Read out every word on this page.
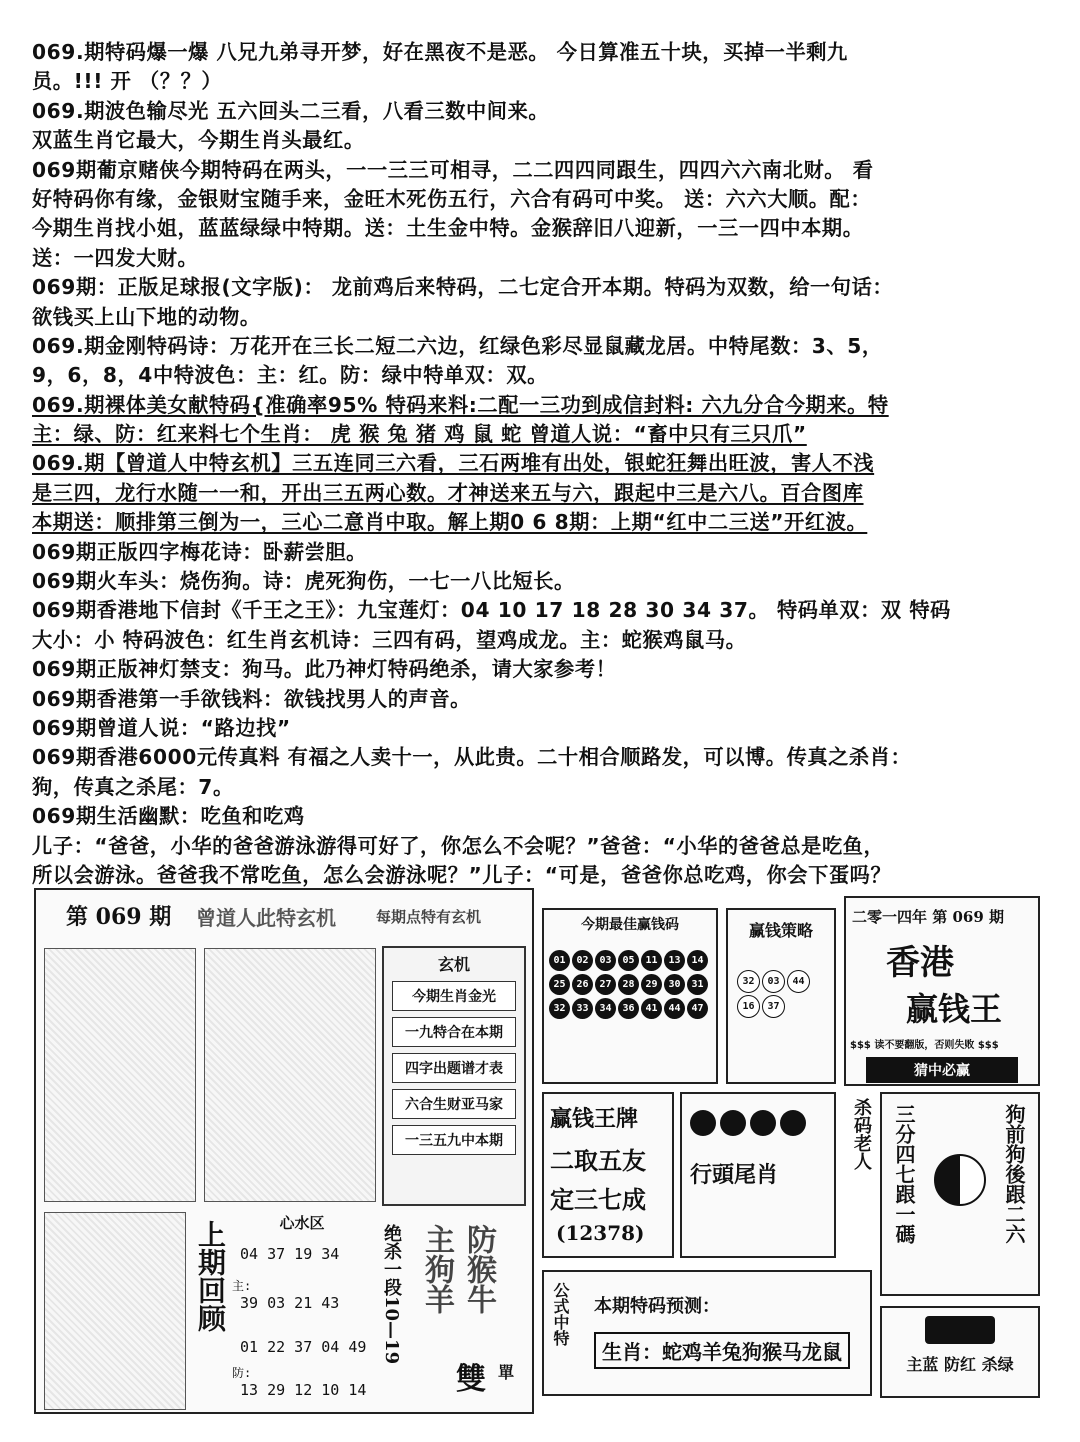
069.期特码爆一爆 八兄九弟寻开梦，好在黑夜不是恶。 今日算准五十块，买掉一半剩九
员。!!! 开 （？？）
069.期波色输尽光 五六回头二三看，八看三数中间来。
双蓝生肖它最大，今期生肖头最红。
069期葡京赌侠今期特码在两头，一一三三可相寻，二二四四同跟生，四四六六南北财。 看
好特码你有缘，金银财宝随手来，金旺木死伤五行，六合有码可中奖。 送：六六大顺。配：
今期生肖找小姐，蓝蓝绿绿中特期。送：土生金中特。金猴辞旧八迎新，一三一四中本期。
送：一四发大财。
069期：正版足球报(文字版)： 龙前鸡后来特码，二七定合开本期。特码为双数，给一句话：
欲钱买上山下地的动物。
069.期金刚特码诗：万花开在三长二短二六边，红绿色彩尽显鼠藏龙居。中特尾数：3、5，
9，6，8，4中特波色：主：红。防：绿中特单双：双。
069.期裸体美女献特码{准确率95% 特码来料:二配一三功到成信封料: 六九分合今期来。特
主：绿、防：红来料七个生肖： 虎 猴 兔 猪 鸡 鼠 蛇 曾道人说：“畜中只有三只爪”
069.期【曾道人中特玄机】三五连同三六看，三石两堆有出处，银蛇狂舞出旺波，害人不浅
是三四，龙行水随一一和，开出三五两心数。才神送来五与六，跟起中三是六八。百合图库
本期送：顺排第三倒为一，三心二意肖中取。解上期0 6 8期：上期“红中二三送”开红波。
069期正版四字梅花诗：卧薪尝胆。
069期火车头：烧伤狗。诗：虎死狗伤，一七一八比短长。
069期香港地下信封《千王之王》：九宝莲灯：04 10 17 18 28 30 34 37。 特码单双：双 特码
大小：小 特码波色：红生肖玄机诗：三四有码，望鸡成龙。主：蛇猴鸡鼠马。
069期正版神灯禁支：狗马。此乃神灯特码绝杀，请大家参考！
069期香港第一手欲钱料：欲钱找男人的声音。
069期曾道人说：“路边找”
069期香港6000元传真料 有福之人卖十一，从此贵。二十相合顺路发，可以博。传真之杀肖：
狗，传真之杀尾：7。
069期生活幽默：吃鱼和吃鸡
儿子：“爸爸，小华的爸爸游泳游得可好了，你怎么不会呢？”爸爸：“小华的爸爸总是吃鱼，
所以会游泳。爸爸我不常吃鱼，怎么会游泳呢？”儿子：“可是，爸爸你总吃鸡，你会下蛋吗？
第 069 期 曾道人此特玄机	每期点特有玄机
玄机
今期生肖金光
一九特合在本期
四字出题谱才表
六合生财亚马家
一三五九中本期
上期回顾
心水区
04 37 19 34
主:
39 03 21 43
01 22 37 04 49
防:
13 29 12 10 14
绝杀一段10—19 主狗羊 防猴牛
雙 單
今期最佳赢钱码
01 02 03 05 11 13 1425 26 27 28 29 30 3132 33 34 36 41 44 47
赢钱策略
32 03 4416 37
二零一四年 第 069 期
香港
赢钱王
$$$ 读不要翻版，否则失败 $$$
猜中必赢
赢钱王牌
二取五友
定三七成
(12378)
行頭尾肖
杀码老人 三分四七跟一碼	狗前狗後跟二六
公式中特 本期特码预测：
生肖：蛇鸡羊兔狗猴马龙鼠
主蓝 防红 杀绿
